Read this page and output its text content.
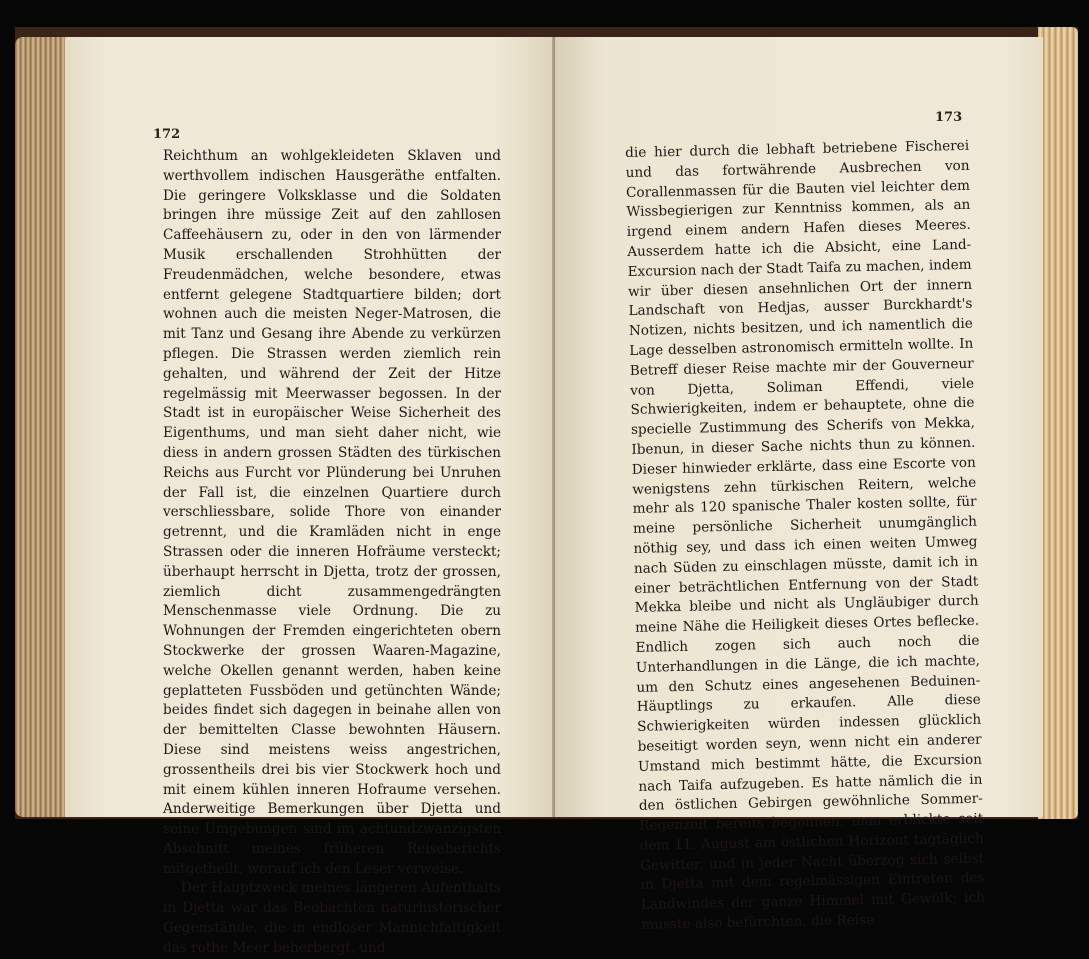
172

Reichthum an wohlgekleideten Sklaven und werthvollem indischen Hausgeräthe entfalten. Die geringere Volksklasse und die Soldaten bringen ihre müssige Zeit auf den zahllosen Caffeehäusern zu, oder in den von lärmender Musik erschallenden Strohhütten der Freudenmädchen, welche besondere, etwas entfernt gelegene Stadtquartiere bilden; dort wohnen auch die meisten Neger-Matrosen, die mit Tanz und Gesang ihre Abende zu verkürzen pflegen. Die Strassen werden ziemlich rein gehalten, und während der Zeit der Hitze regelmässig mit Meerwasser begossen. In der Stadt ist in europäischer Weise Sicherheit des Eigenthums, und man sieht daher nicht, wie diess in andern grossen Städten des türkischen Reichs aus Furcht vor Plünderung bei Unruhen der Fall ist, die einzelnen Quartiere durch verschliessbare, solide Thore von einander getrennt, und die Kramläden nicht in enge Strassen oder die inneren Hofräume versteckt; überhaupt herrscht in Djetta, trotz der grossen, ziemlich dicht zusammengedrängten Menschenmasse viele Ordnung. Die zu Wohnungen der Fremden eingerichteten obern Stockwerke der grossen Waaren-Magazine, welche Okellen genannt werden, haben keine geplatteten Fussböden und getünchten Wände; beides findet sich dagegen in beinahe allen von der bemittelten Classe bewohnten Häusern. Diese sind meistens weiss angestrichen, grossentheils drei bis vier Stockwerk hoch und mit einem kühlen inneren Hofraume versehen. Anderweitige Bemerkungen über Djetta und seine Umgebungen sind im achtundzwanzigsten Abschnitt meines früheren Reiseberichts mitgetheilt, worauf ich den Leser verweise.

Der Hauptzweck meines längeren Aufenthalts in Djetta war das Beobachten naturhistorischer Gegenstände, die in endloser Mannichfaltigkeit das rothe Meer beherbergt, und

173

die hier durch die lebhaft betriebene Fischerei und das fortwährende Ausbrechen von Corallenmassen für die Bauten viel leichter dem Wissbegierigen zur Kenntniss kommen, als an irgend einem andern Hafen dieses Meeres. Ausserdem hatte ich die Absicht, eine Land-Excursion nach der Stadt Taifa zu machen, indem wir über diesen ansehnlichen Ort der innern Landschaft von Hedjas, ausser Burckhardt's Notizen, nichts besitzen, und ich namentlich die Lage desselben astronomisch ermitteln wollte. In Betreff dieser Reise machte mir der Gouverneur von Djetta, Soliman Effendi, viele Schwierigkeiten, indem er behauptete, ohne die specielle Zustimmung des Scherifs von Mekka, Ibenun, in dieser Sache nichts thun zu können. Dieser hinwieder erklärte, dass eine Escorte von wenigstens zehn türkischen Reitern, welche mehr als 120 spanische Thaler kosten sollte, für meine persönliche Sicherheit unumgänglich nöthig sey, und dass ich einen weiten Umweg nach Süden zu einschlagen müsste, damit ich in einer beträchtlichen Entfernung von der Stadt Mekka bleibe und nicht als Ungläubiger durch meine Nähe die Heiligkeit dieses Ortes beflecke. Endlich zogen sich auch noch die Unterhandlungen in die Länge, die ich machte, um den Schutz eines angesehenen Beduinen-Häuptlings zu erkaufen. Alle diese Schwierigkeiten würden indessen glücklich beseitigt worden seyn, wenn nicht ein anderer Umstand mich bestimmt hätte, die Excursion nach Taifa aufzugeben. Es hatte nämlich die in den östlichen Gebirgen gewöhnliche Sommer-Regenzeit bereits begonnen, man erblickte seit dem 11. August am östlichen Horizont tagtäglich Gewitter, und in jeder Nacht überzog sich selbst in Djetta mit dem regelmässigen Eintreten des Landwindes der ganze Himmel mit Gewölk; ich musste also befürchten, die Reise
